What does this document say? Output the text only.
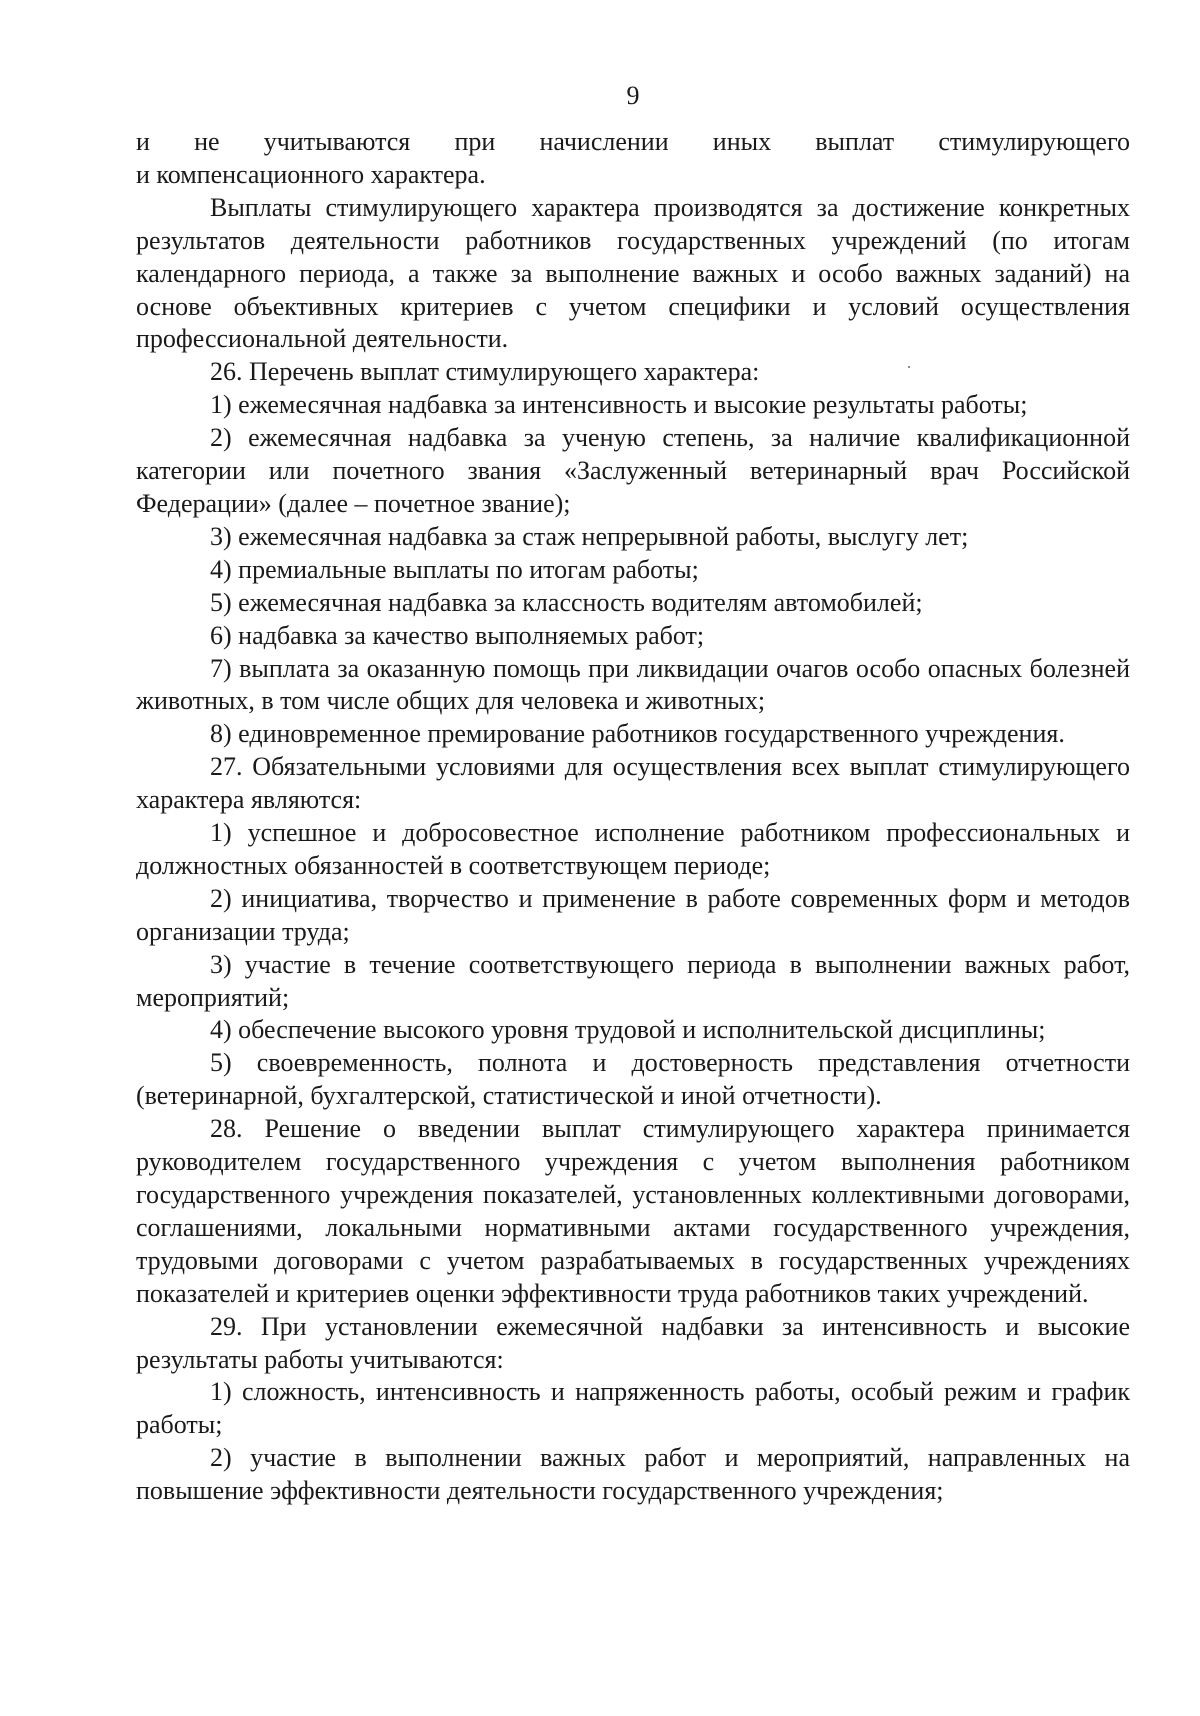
9

и не учитываются при начислении иных выплат стимулирующего

и компенсационного характера.

Выплаты стимулирующего характера производятся за достижение конкретных результатов деятельности работников государственных учреждений (по итогам календарного периода, а также за выполнение важных и особо важных заданий) на основе объективных критериев с учетом специфики и условий осуществления профессиональной деятельности.

26. Перечень выплат стимулирующего характера:

1) ежемесячная надбавка за интенсивность и высокие результаты работы;

2) ежемесячная надбавка за ученую степень, за наличие квалификационной категории или почетного звания «Заслуженный ветеринарный врач Российской Федерации» (далее – почетное звание);

3) ежемесячная надбавка за стаж непрерывной работы, выслугу лет;

4) премиальные выплаты по итогам работы;

5) ежемесячная надбавка за классность водителям автомобилей;

6) надбавка за качество выполняемых работ;

7) выплата за оказанную помощь при ликвидации очагов особо опасных болезней животных, в том числе общих для человека и животных;

8) единовременное премирование работников государственного учреждения.

27. Обязательными условиями для осуществления всех выплат стимулирующего характера являются:

1) успешное и добросовестное исполнение работником профессиональных и должностных обязанностей в соответствующем периоде;

2) инициатива, творчество и применение в работе современных форм и методов организации труда;

3) участие в течение соответствующего периода в выполнении важных работ, мероприятий;

4) обеспечение высокого уровня трудовой и исполнительской дисциплины;

5) своевременность, полнота и достоверность представления отчетности (ветеринарной, бухгалтерской, статистической и иной отчетности).

28. Решение о введении выплат стимулирующего характера принимается руководителем государственного учреждения с учетом выполнения работником государственного учреждения показателей, установленных коллективными договорами, соглашениями, локальными нормативными актами государственного учреждения, трудовыми договорами с учетом разрабатываемых в государственных учреждениях показателей и критериев оценки эффективности труда работников таких учреждений.

29. При установлении ежемесячной надбавки за интенсивность и высокие результаты работы учитываются:

1) сложность, интенсивность и напряженность работы, особый режим и график работы;

2) участие в выполнении важных работ и мероприятий, направленных на повышение эффективности деятельности государственного учреждения;
